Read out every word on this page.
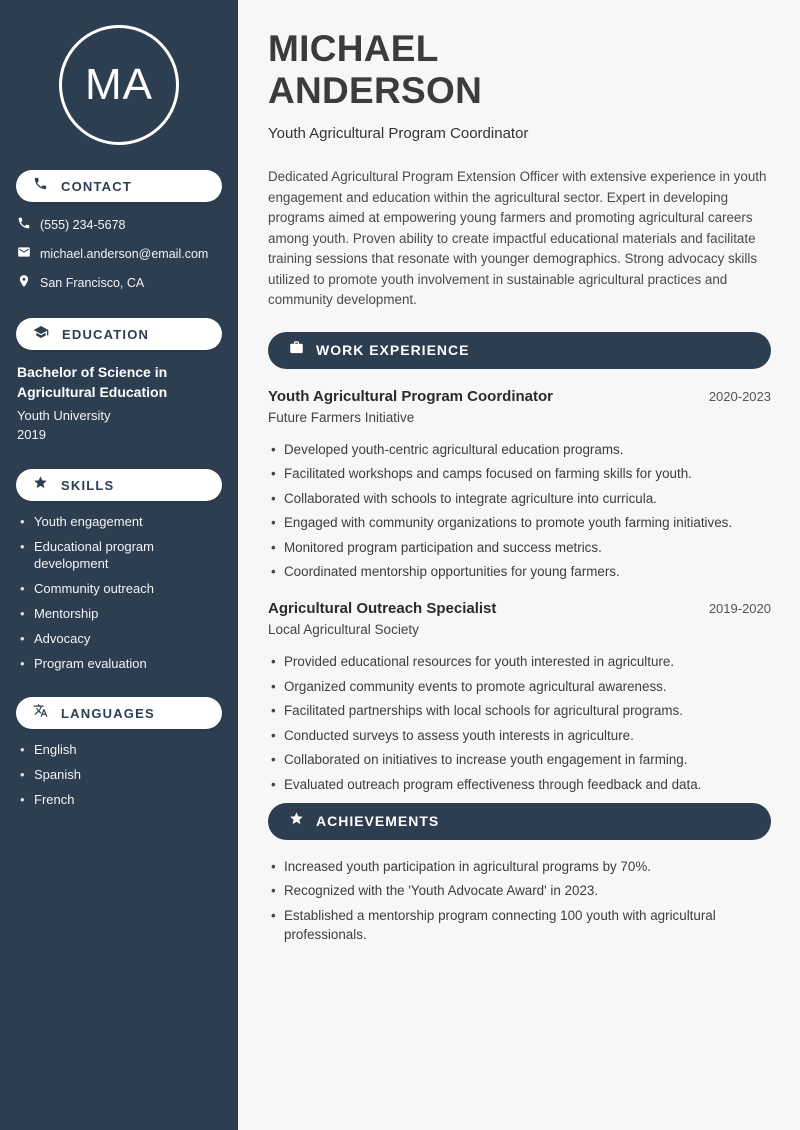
MA
CONTACT
(555) 234-5678
michael.anderson@email.com
San Francisco, CA
EDUCATION
Bachelor of Science in Agricultural Education
Youth University
2019
SKILLS
• Youth engagement
• Educational program development
• Community outreach
• Mentorship
• Advocacy
• Program evaluation
LANGUAGES
• English
• Spanish
• French
MICHAEL
ANDERSON
Youth Agricultural Program Coordinator

Dedicated Agricultural Program Extension Officer with extensive experience in youth engagement and education within the agricultural sector. Expert in developing programs aimed at empowering young farmers and promoting agricultural careers among youth. Proven ability to create impactful educational materials and facilitate training sessions that resonate with younger demographics. Strong advocacy skills utilized to promote youth involvement in sustainable agricultural practices and community development.

WORK EXPERIENCE
Youth Agricultural Program Coordinator	2020-2023
Future Farmers Initiative
• Developed youth-centric agricultural education programs.
• Facilitated workshops and camps focused on farming skills for youth.
• Collaborated with schools to integrate agriculture into curricula.
• Engaged with community organizations to promote youth farming initiatives.
• Monitored program participation and success metrics.
• Coordinated mentorship opportunities for young farmers.
Agricultural Outreach Specialist	2019-2020
Local Agricultural Society
• Provided educational resources for youth interested in agriculture.
• Organized community events to promote agricultural awareness.
• Facilitated partnerships with local schools for agricultural programs.
• Conducted surveys to assess youth interests in agriculture.
• Collaborated on initiatives to increase youth engagement in farming.
• Evaluated outreach program effectiveness through feedback and data.
ACHIEVEMENTS
• Increased youth participation in agricultural programs by 70%.
• Recognized with the 'Youth Advocate Award' in 2023.
• Established a mentorship program connecting 100 youth with agricultural professionals.
